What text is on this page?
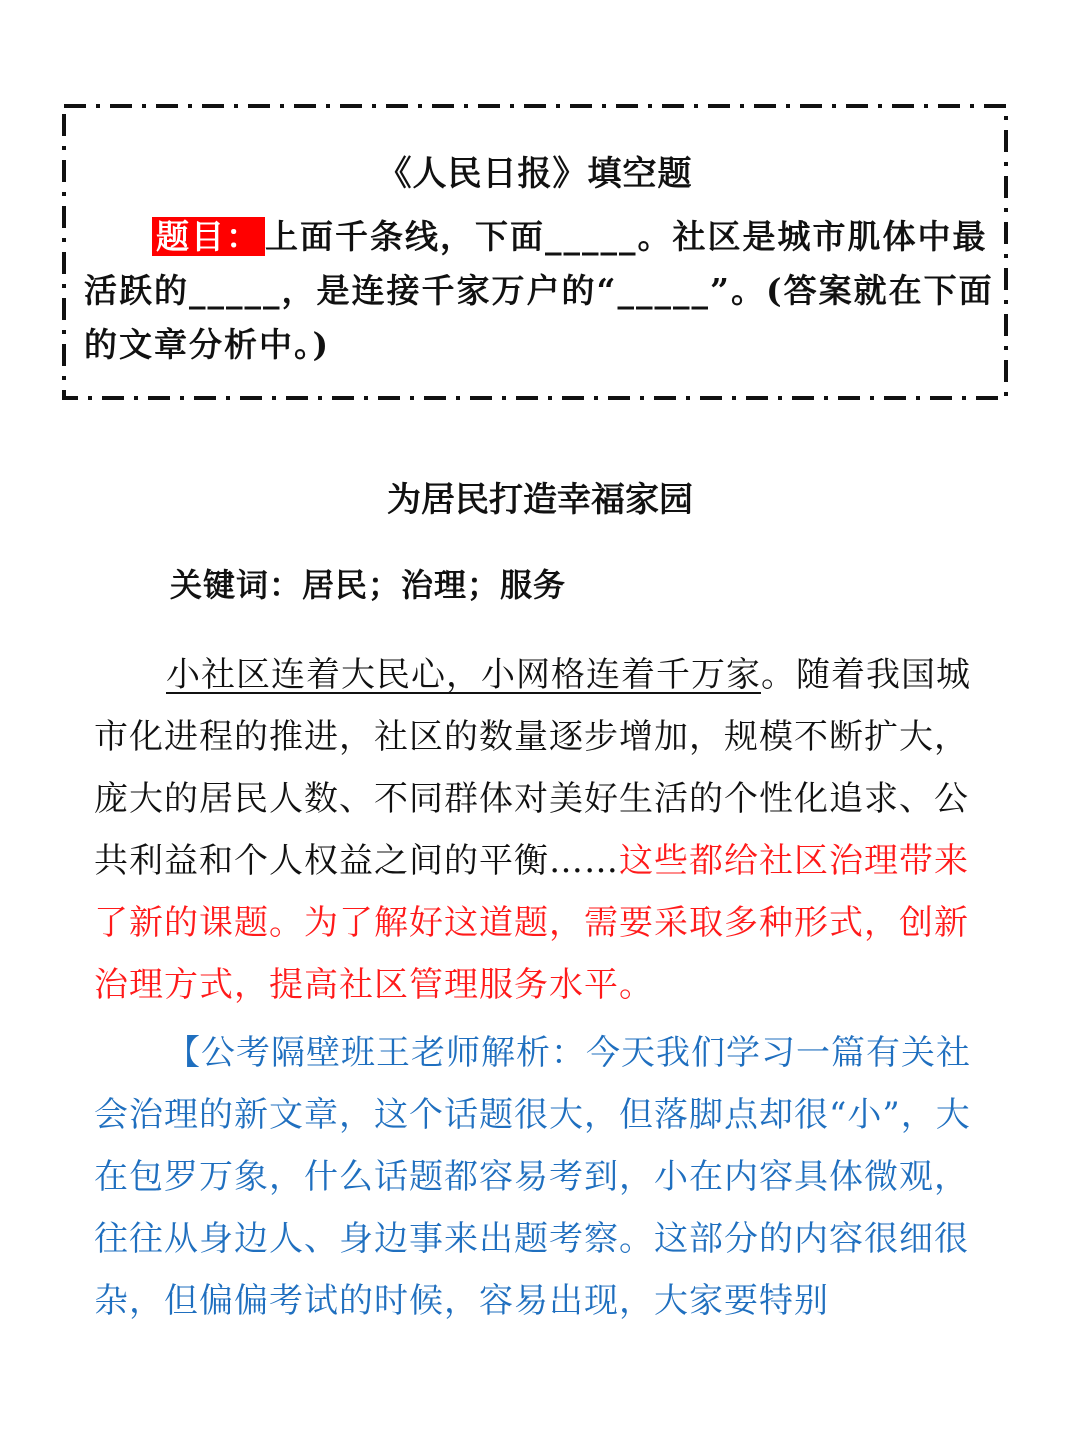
《人民日报》填空题
题目： 上面千条线，下面_____。社区是城市肌体中最活跃的_____，是连接千家万户的“_____”。(答案就在下面的文章分析中。)
为居民打造幸福家园
关键词：居民；治理；服务

小社区连着大民心，小网格连着千万家。随着我国城市化进程的推进，社区的数量逐步增加，规模不断扩大，庞大的居民人数、不同群体对美好生活的个性化追求、公共利益和个人权益之间的平衡……这些都给社区治理带来了新的课题。为了解好这道题，需要采取多种形式，创新治理方式，提高社区管理服务水平。

【公考隔壁班王老师解析：今天我们学习一篇有关社会治理的新文章，这个话题很大，但落脚点却很“小”，大在包罗万象，什么话题都容易考到，小在内容具体微观，往往从身边人、身边事来出题考察。这部分的内容很细很杂，但偏偏考试的时候，容易出现，大家要特别
